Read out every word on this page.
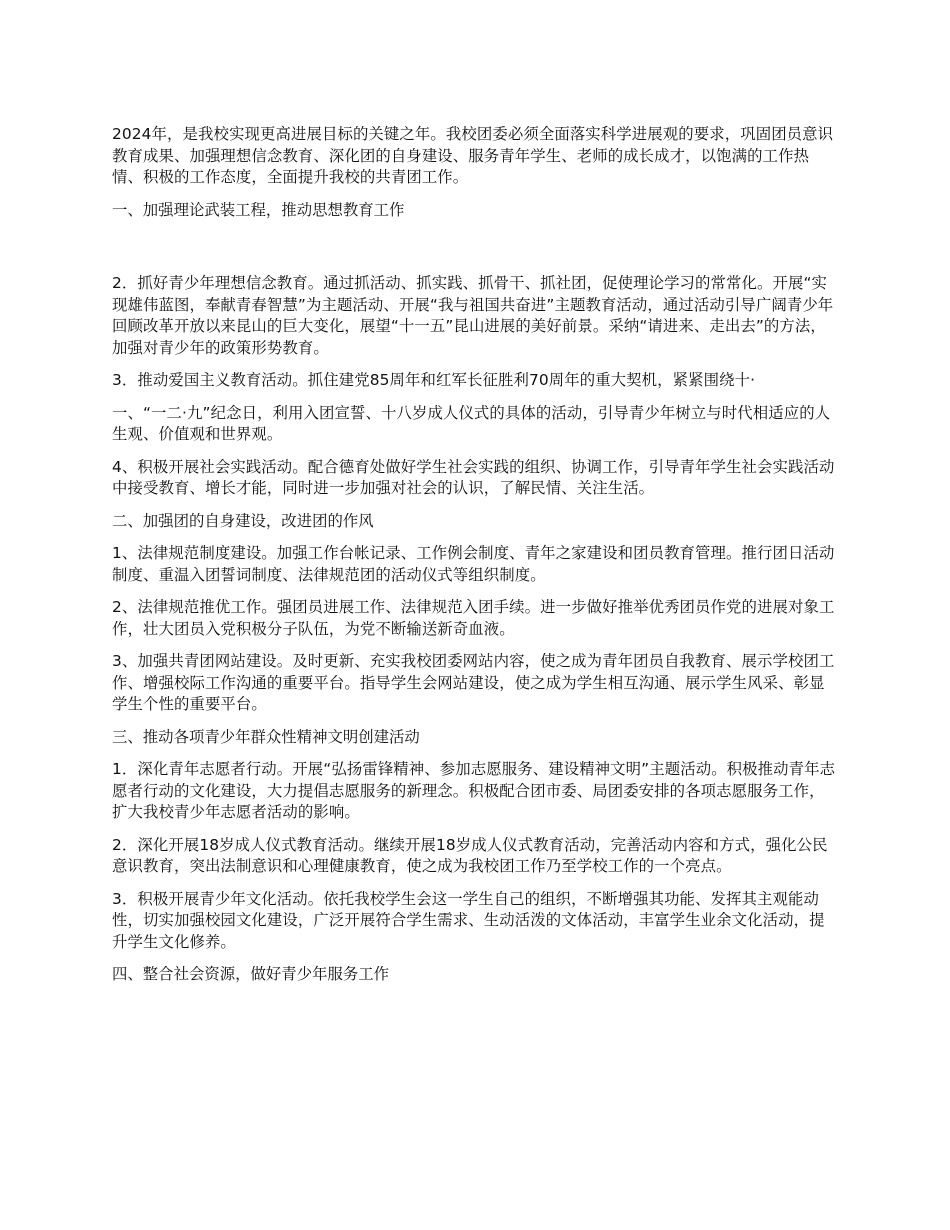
2024年，是我校实现更高进展目标的关键之年。我校团委必须全面落实科学进展观的要求，巩固团员意识教育成果、加强理想信念教育、深化团的自身建设、服务青年学生、老师的成长成才，以饱满的工作热情、积极的工作态度，全面提升我校的共青团工作。

一、加强理论武装工程，推动思想教育工作

2．抓好青少年理想信念教育。通过抓活动、抓实践、抓骨干、抓社团，促使理论学习的常常化。开展“实现雄伟蓝图，奉献青春智慧”为主题活动、开展“我与祖国共奋进”主题教育活动，通过活动引导广阔青少年回顾改革开放以来昆山的巨大变化，展望“十一五”昆山进展的美好前景。采纳“请进来、走出去”的方法，加强对青少年的政策形势教育。

3．推动爱国主义教育活动。抓住建党85周年和红军长征胜利70周年的重大契机，紧紧围绕十·

一、“一二·九”纪念日，利用入团宣誓、十八岁成人仪式的具体的活动，引导青少年树立与时代相适应的人生观、价值观和世界观。

4、积极开展社会实践活动。配合德育处做好学生社会实践的组织、协调工作，引导青年学生社会实践活动中接受教育、增长才能，同时进一步加强对社会的认识，了解民情、关注生活。

二、加强团的自身建设，改进团的作风

1、法律规范制度建设。加强工作台帐记录、工作例会制度、青年之家建设和团员教育管理。推行团日活动制度、重温入团誓词制度、法律规范团的活动仪式等组织制度。

2、法律规范推优工作。强团员进展工作、法律规范入团手续。进一步做好推举优秀团员作党的进展对象工作，壮大团员入党积极分子队伍，为党不断输送新奇血液。

3、加强共青团网站建设。及时更新、充实我校团委网站内容，使之成为青年团员自我教育、展示学校团工作、增强校际工作沟通的重要平台。指导学生会网站建设，使之成为学生相互沟通、展示学生风采、彰显学生个性的重要平台。

三、推动各项青少年群众性精神文明创建活动

1．深化青年志愿者行动。开展“弘扬雷锋精神、参加志愿服务、建设精神文明”主题活动。积极推动青年志愿者行动的文化建设，大力提倡志愿服务的新理念。积极配合团市委、局团委安排的各项志愿服务工作，扩大我校青少年志愿者活动的影响。

2．深化开展18岁成人仪式教育活动。继续开展18岁成人仪式教育活动，完善活动内容和方式，强化公民意识教育，突出法制意识和心理健康教育，使之成为我校团工作乃至学校工作的一个亮点。

3．积极开展青少年文化活动。依托我校学生会这一学生自己的组织，不断增强其功能、发挥其主观能动性，切实加强校园文化建设，广泛开展符合学生需求、生动活泼的文体活动，丰富学生业余文化活动，提升学生文化修养。

四、整合社会资源，做好青少年服务工作
